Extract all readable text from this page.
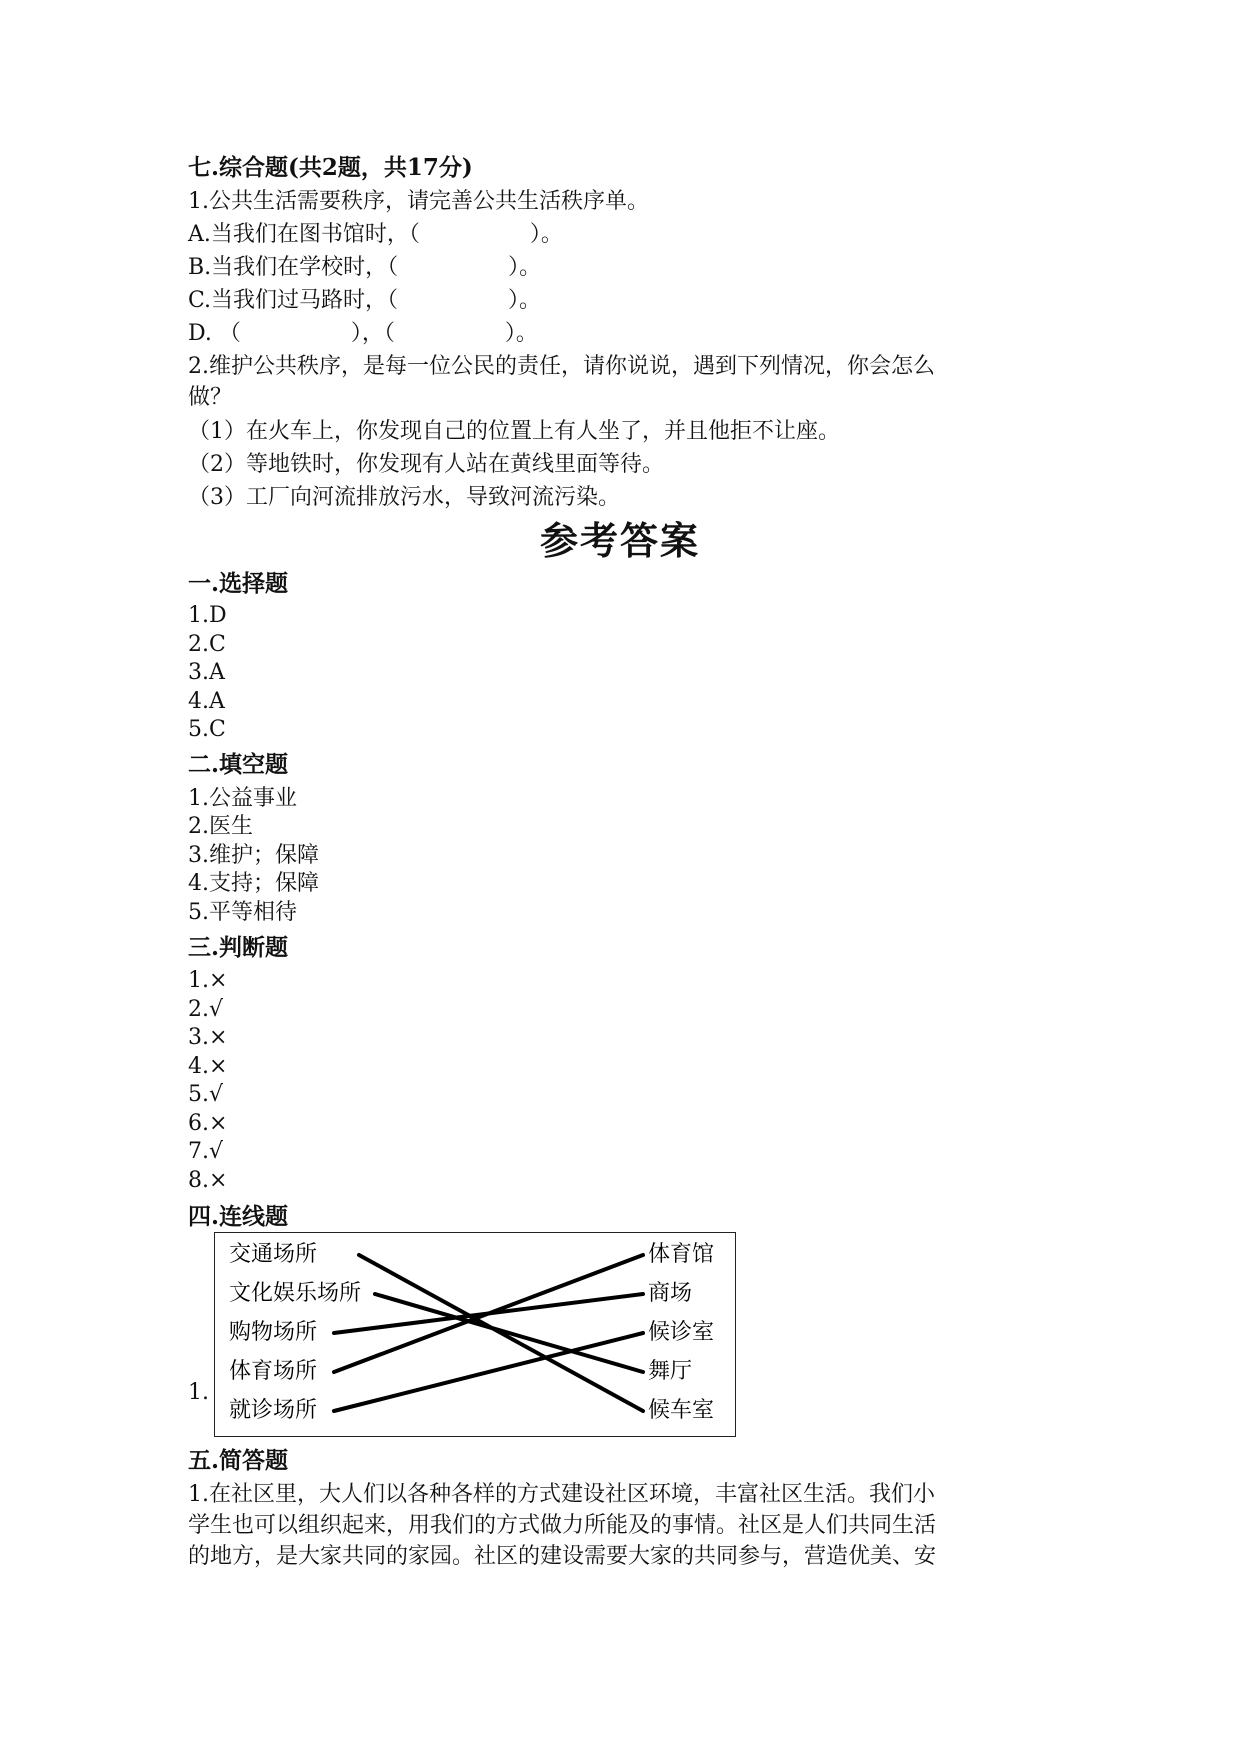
七.综合题(共2题，共17分)
1.公共生活需要秩序，请完善公共生活秩序单。
A.当我们在图书馆时，（　　　　　）。
B.当我们在学校时，（　　　　　）。
C.当我们过马路时，（　　　　　）。
D. （　　　　　），（　　　　　）。
2.维护公共秩序，是每一位公民的责任，请你说说，遇到下列情况，你会怎么
做？
（1）在火车上，你发现自己的位置上有人坐了，并且他拒不让座。
（2）等地铁时，你发现有人站在黄线里面等待。
（3）工厂向河流排放污水，导致河流污染。
参考答案
一.选择题
1.D
2.C
3.A
4.A
5.C
二.填空题
1.公益事业
2.医生
3.维护；保障
4.支持；保障
5.平等相待
三.判断题
1.×
2.√
3.×
4.×
5.√
6.×
7.√
8.×
四.连线题
1.
交通场所
文化娱乐场所
购物场所
体育场所
就诊场所
体育馆
商场
候诊室
舞厅
候车室
五.简答题
1.在社区里，大人们以各种各样的方式建设社区环境，丰富社区生活。我们小
学生也可以组织起来，用我们的方式做力所能及的事情。社区是人们共同生活
的地方，是大家共同的家园。社区的建设需要大家的共同参与，营造优美、安
